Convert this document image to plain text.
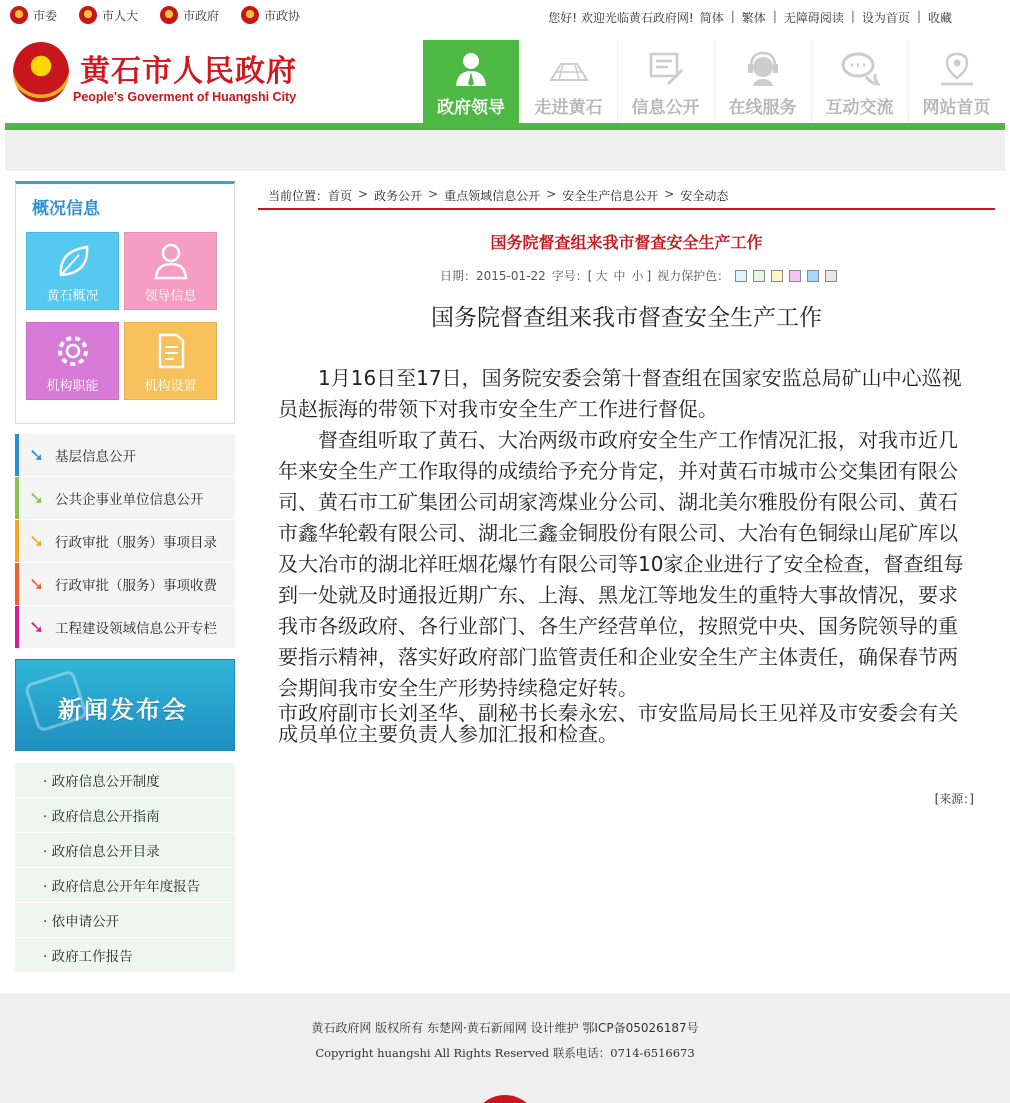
市委	市人大	市政府	市政协	您好! 欢迎光临黄石政府网! 简体 | 繁体 | 无障碍阅读 | 设为首页 | 收藏
黄石市人民政府
People's Goverment of Huangshi City
政府领导	走进黄石	信息公开	在线服务	互动交流	网站首页
概况信息
黄石概况	领导信息
机构职能	机构设置
➘ 基层信息公开
➘ 公共企事业单位信息公开
➘ 行政审批（服务）事项目录
➘ 行政审批（服务）事项收费
➘ 工程建设领域信息公开专栏
新闻发布会
· 政府信息公开制度
· 政府信息公开指南
· 政府信息公开目录
· 政府信息公开年年度报告
· 依申请公开
· 政府工作报告
当前位置： 首页 > 政务公开 > 重点领域信息公开 > 安全生产信息公开 > 安全动态
国务院督查组来我市督查安全生产工作
日期：2015-01-22 字号：[ 大 中 小 ] 视力保护色：
国务院督查组来我市督查安全生产工作

1月16日至17日，国务院安委会第十督查组在国家安监总局矿山中心巡视员赵振海的带领下对我市安全生产工作进行督促。

督查组听取了黄石、大冶两级市政府安全生产工作情况汇报，对我市近几年来安全生产工作取得的成绩给予充分肯定，并对黄石市城市公交集团有限公司、黄石市工矿集团公司胡家湾煤业分公司、湖北美尔雅股份有限公司、黄石市鑫华轮毂有限公司、湖北三鑫金铜股份有限公司、大冶有色铜绿山尾矿库以及大冶市的湖北祥旺烟花爆竹有限公司等10家企业进行了安全检查，督查组每到一处就及时通报近期广东、上海、黑龙江等地发生的重特大事故情况，要求我市各级政府、各行业部门、各生产经营单位，按照党中央、国务院领导的重要指示精神，落实好政府部门监管责任和企业安全生产主体责任，确保春节两会期间我市安全生产形势持续稳定好转。

市政府副市长刘圣华、副秘书长秦永宏、市安监局局长王见祥及市安委会有关成员单位主要负责人参加汇报和检查。
[来源：]
黄石政府网 版权所有 东楚网·黄石新闻网 设计维护 鄂ICP备05026187号
Copyright huangshi All Rights Reserved 联系电话：0714-6516673
